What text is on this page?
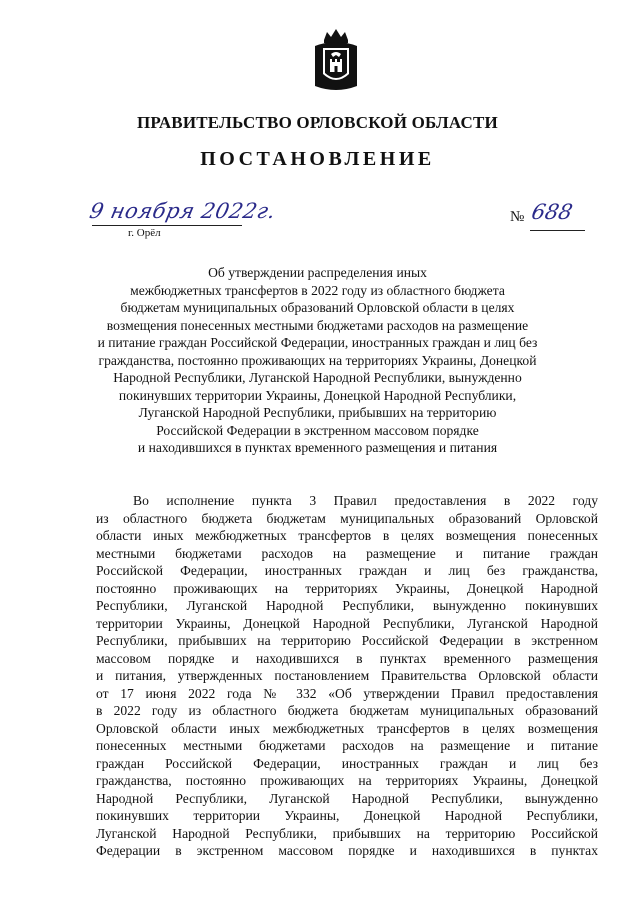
ПРАВИТЕЛЬСТВО ОРЛОВСКОЙ ОБЛАСТИ
ПОСТАНОВЛЕНИЕ
9 ноября 2022г.
г. Орёл
№ 688
Об утверждении распределения иных
межбюджетных трансфертов в 2022 году из областного бюджета
бюджетам муниципальных образований Орловской области в целях
возмещения понесенных местными бюджетами расходов на размещение
и питание граждан Российской Федерации, иностранных граждан и лиц без
гражданства, постоянно проживающих на территориях Украины, Донецкой
Народной Республики, Луганской Народной Республики, вынужденно
покинувших территории Украины, Донецкой Народной Республики,
Луганской Народной Республики, прибывших на территорию
Российской Федерации в экстренном массовом порядке
и находившихся в пунктах временного размещения и питания
Во исполнение пункта 3 Правил предоставления в 2022 году
из областного бюджета бюджетам муниципальных образований Орловской
области иных межбюджетных трансфертов в целях возмещения понесенных
местными бюджетами расходов на размещение и питание граждан
Российской Федерации, иностранных граждан и лиц без гражданства,
постоянно проживающих на территориях Украины, Донецкой Народной
Республики, Луганской Народной Республики, вынужденно покинувших
территории Украины, Донецкой Народной Республики, Луганской Народной
Республики, прибывших на территорию Российской Федерации в экстренном
массовом порядке и находившихся в пунктах временного размещения
и питания, утвержденных постановлением Правительства Орловской области
от 17 июня 2022 года № 332 «Об утверждении Правил предоставления
в 2022 году из областного бюджета бюджетам муниципальных образований
Орловской области иных межбюджетных трансфертов в целях возмещения
понесенных местными бюджетами расходов на размещение и питание
граждан Российской Федерации, иностранных граждан и лиц без
гражданства, постоянно проживающих на территориях Украины, Донецкой
Народной Республики, Луганской Народной Республики, вынужденно
покинувших территории Украины, Донецкой Народной Республики,
Луганской Народной Республики, прибывших на территорию Российской
Федерации в экстренном массовом порядке и находившихся в пунктах
